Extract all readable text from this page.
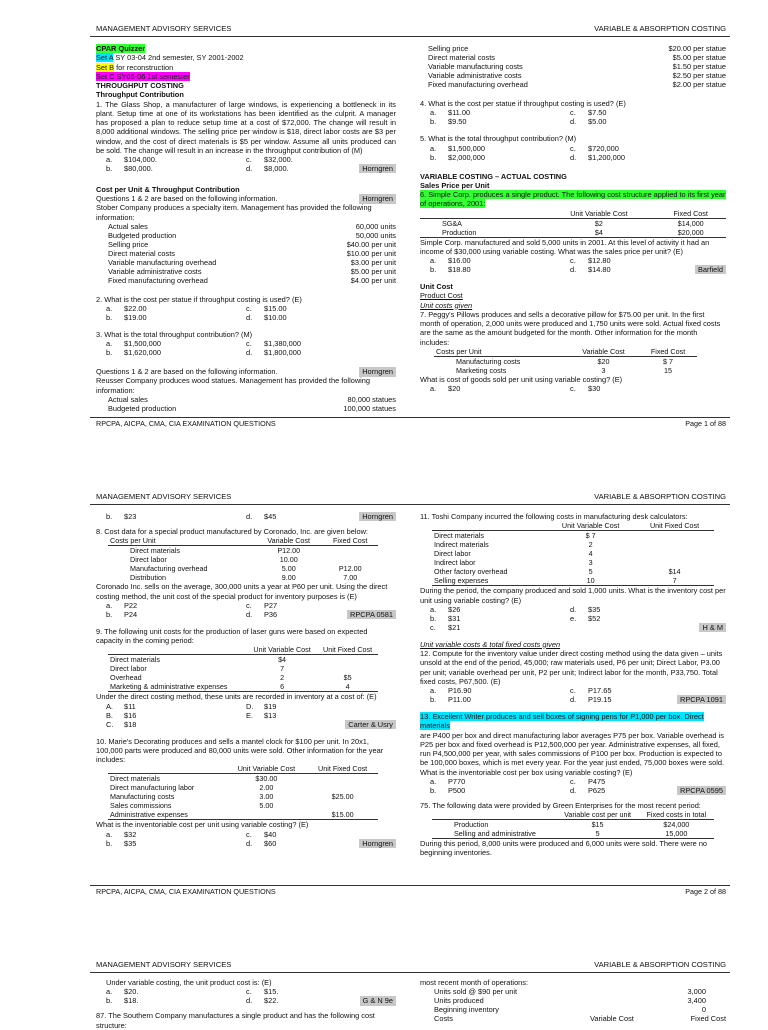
MANAGEMENT ADVISORY SERVICES	VARIABLE & ABSORPTION COSTING
CPAR Quizzer
Set A SY 03-04 2nd semester, SY 2001-2002
Set B for reconstruction
Set C SY05-06 1st semester
THROUGHPUT COSTING
Throughput Contribution

1. The Glass Shop, a manufacturer of large windows, is experiencing a bottleneck in its plant. Setup time at one of its workstations has been identified as the culprit. A manager has proposed a plan to reduce setup time at a cost of $72,000. The change will result in 8,000 additional windows. The selling price per window is $18, direct labor costs are $3 per window, and the cost of direct materials is $5 per window. Assume all units produced can be sold. The change will result in an increase in the throughput contribution of (M)

a. $104,000.	c. $32,000.
b. $80,000.	d. $8,000.	Horngren
Cost per Unit & Throughput Contribution
Questions 1 & 2 are based on the following information.	Horngren
Stober Company produces a specialty item. Management has provided the following information:
Actual sales	60,000 units
Budgeted production	50,000 units
Selling price	$40.00 per unit
Direct material costs	$10.00 per unit
Variable manufacturing overhead	$3.00 per unit
Variable administrative costs	$5.00 per unit
Fixed manufacturing overhead	$4.00 per unit
2. What is the cost per statue if throughput costing is used? (E)
a. $22.00	c. $15.00
b. $19.00	d. $10.00
3. What is the total throughput contribution? (M)
a. $1,500,000	c. $1,380,000
b. $1,620,000	d. $1,800,000
Questions 1 & 2 are based on the following information.	Horngren
Reusser Company produces wood statues. Management has provided the following information:
Actual sales	80,000 statues
Budgeted production	100,000 statues
Selling price	$20.00 per statue
Direct material costs	$5.00 per statue
Variable manufacturing costs	$1.50 per statue
Variable administrative costs	$2.50 per statue
Fixed manufacturing overhead	$2.00 per statue
4. What is the cost per statue if throughput costing is used? (E)
a. $11.00	c. $7.50
b. $9.50	d. $5.00
5. What is the total throughput contribution? (M)
a. $1,500,000	c. $720,000
b. $2,000,000	d. $1,200,000
VARIABLE COSTING – ACTUAL COSTING
Sales Price per Unit
6. Simple Corp. produces a single product. The following cost structure applied to its first year of operations, 2001:
	Unit Variable Cost	Fixed Cost
SG&A	$2	$14,000
Production	$4	$20,000

Simple Corp. manufactured and sold 5,000 units in 2001. At this level of activity it had an income of $30,000 using variable costing. What was the sales price per unit? (E)

a. $16.00	c. $12.80
b. $18.80	d. $14.80	Barfield
Unit Cost
Product Cost
Unit costs given

7. Peggy's Pillows produces and sells a decorative pillow for $75.00 per unit. In the first month of operation, 2,000 units were produced and 1,750 units were sold. Actual fixed costs are the same as the amount budgeted for the month. Other information for the month includes:

Costs per Unit	Variable Cost	Fixed Cost
Manufacturing costs	$20	$ 7
Marketing costs	3	15
What is cost of goods sold per unit using variable costing? (E)
a. $20	c. $30
RPCPA, AICPA, CMA, CIA EXAMINATION QUESTIONS	Page 1 of 88
MANAGEMENT ADVISORY SERVICES	VARIABLE & ABSORPTION COSTING
b. $23	d. $45	Horngren
8. Cost data for a special product manufactured by Coronado, Inc. are given below:
Costs per Unit	Variable Cost	Fixed Cost
Direct materials	P12.00	
Direct labor	10.00	
Manufacturing overhead	5.00	P12.00
Distribution	9.00	7.00

Coronado Inc. sells on the average, 300,000 units a year at P60 per unit. Using the direct costing method, the unit cost of the special product for inventory purposes is (E)

a. P22	c. P27
b. P24	d. P36	RPCPA 0581

9. The following unit costs for the production of laser guns were based on expected capacity in the coming period:

	Unit Variable Cost	Unit Fixed Cost
Direct materials	$4	
Direct labor	7	
Overhead	2	$5
Marketing & administrative expenses	6	4
Under the direct costing method, these units are recorded in inventory at a cost of: (E)
A. $11	D. $19
B. $16	E. $13
C. $18	Carter & Usry

10. Marie's Decorating produces and sells a mantel clock for $100 per unit. In 20x1, 100,000 parts were produced and 80,000 units were sold. Other information for the year includes:

	Unit Variable Cost	Unit Fixed Cost
Direct materials	$30.00	
Direct manufacturing labor	2.00	
Manufacturing costs	3.00	$25.00
Sales commissions	5.00	
Administrative expenses		$15.00
What is the inventoriable cost per unit using variable costing? (E)
a. $32	c. $40
b. $35	d. $60	Horngren
11. Toshi Company incurred the following costs in manufacturing desk calculators:
	Unit Variable Cost	Unit Fixed Cost
Direct materials	$ 7	
Indirect materials	2	
Direct labor	4	
Indirect labor	3	
Other factory overhead	5	$14
Selling expenses	10	7

During the period, the company produced and sold 1,000 units. What is the inventory cost per unit using variable costing? (E)

a. $26	d. $35
b. $31	e. $52
c. $21	H & M
Unit variable costs & total fixed costs given

12. Compute for the inventory value under direct costing method using the data given – units unsold at the end of the period, 45,000; raw materials used, P6 per unit; Direct Labor, P3.00 per unit; variable overhead per unit, P2 per unit; Indirect labor for the month, P33,750. Total fixed costs, P67,500. (E)

a. P16.90	c. P17.65
b. P11.00	d. P19.15	RPCPA 1091
13. Excellent Writer produces and sell boxes of signing pens for P1,000 per box. Direct materials

are P400 per box and direct manufacturing labor averages P75 per box. Variable overhead is P25 per box and fixed overhead is P12,500,000 per year. Administrative expenses, all fixed, run P4,500,000 per year, with sales commissions of P100 per box. Production is expected to be 100,000 boxes, which is met every year. For the year just ended, 75,000 boxes were sold. What is the inventoriable cost per box using variable costing? (E)

a. P770	c. P475
b. P500	d. P625	RPCPA 0595
75. The following data were provided by Green Enterprises for the most recent period:
	Variable cost per unit	Fixed costs in total
Production	$15	$24,000
Selling and administrative	5	15,000

During this period, 8,000 units were produced and 6,000 units were sold. There were no beginning inventories.

RPCPA, AICPA, CMA, CIA EXAMINATION QUESTIONS	Page 2 of 88
MANAGEMENT ADVISORY SERVICES	VARIABLE & ABSORPTION COSTING
Under variable costing, the unit product cost is: (E)
a. $20.	c. $15.
b. $18.	d. $22.	G & N 9e
87. The Southern Company manufactures a single product and has the following cost structure:
most recent month of operations:
Units sold @ $90 per unit	3,000
Units produced	3,400
Beginning inventory	0
Costs	Variable Cost	Fixed Cost
